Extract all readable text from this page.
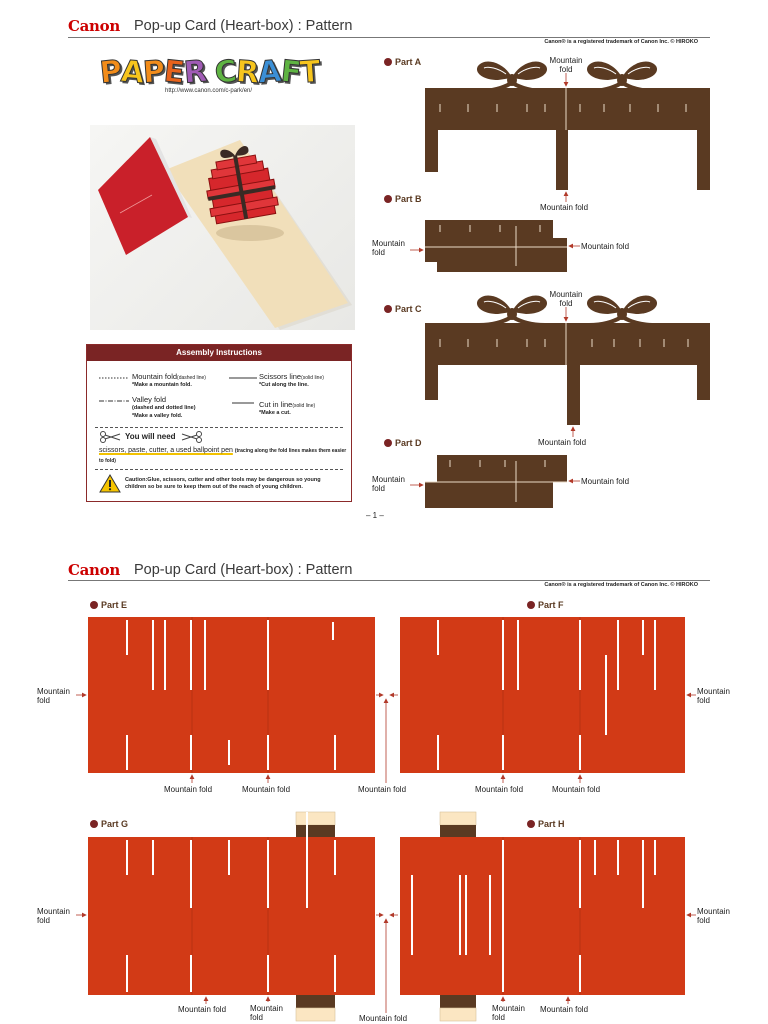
Canon Pop-up Card (Heart-box) : Pattern
Canon® is a registered trademark of Canon Inc. © HIROKO
P
A
P
E
R
C
R
A
F
T
http://www.canon.com/c-park/en/
Assembly Instructions
Mountain fold(dashed line)
*Make a mountain fold.
Scissors line(solid line)
*Cut along the line.
Valley fold
(dashed and dotted line)
*Make a valley fold.
Cut in line(solid line)
*Make a cut.
You will need
scissors, paste, cutter, a used ballpoint pen (tracing along the fold lines makes them easier to fold)
Caution:Glue, scissors, cutter and other tools may be dangerous so young children so be sure to keep them out of the reach of young children.
Part A
Part B
Part C
Part D
Mountain fold
Mountain fold
Mountain fold
Mountain fold
Mountain fold
Mountain fold
Mountain fold
Mountain fold
– 1 –
Canon Pop-up Card (Heart-box) : Pattern
Canon® is a registered trademark of Canon Inc. © HIROKO
Part E	Part F
Part G	Part H
Mountain fold
Mountain fold
Mountain fold	Mountain fold	Mountain fold	Mountain fold	Mountain fold
Mountain fold
Mountain fold
Mountain fold	Mountain fold	Mountain fold
Mountain fold
Mountain fold
